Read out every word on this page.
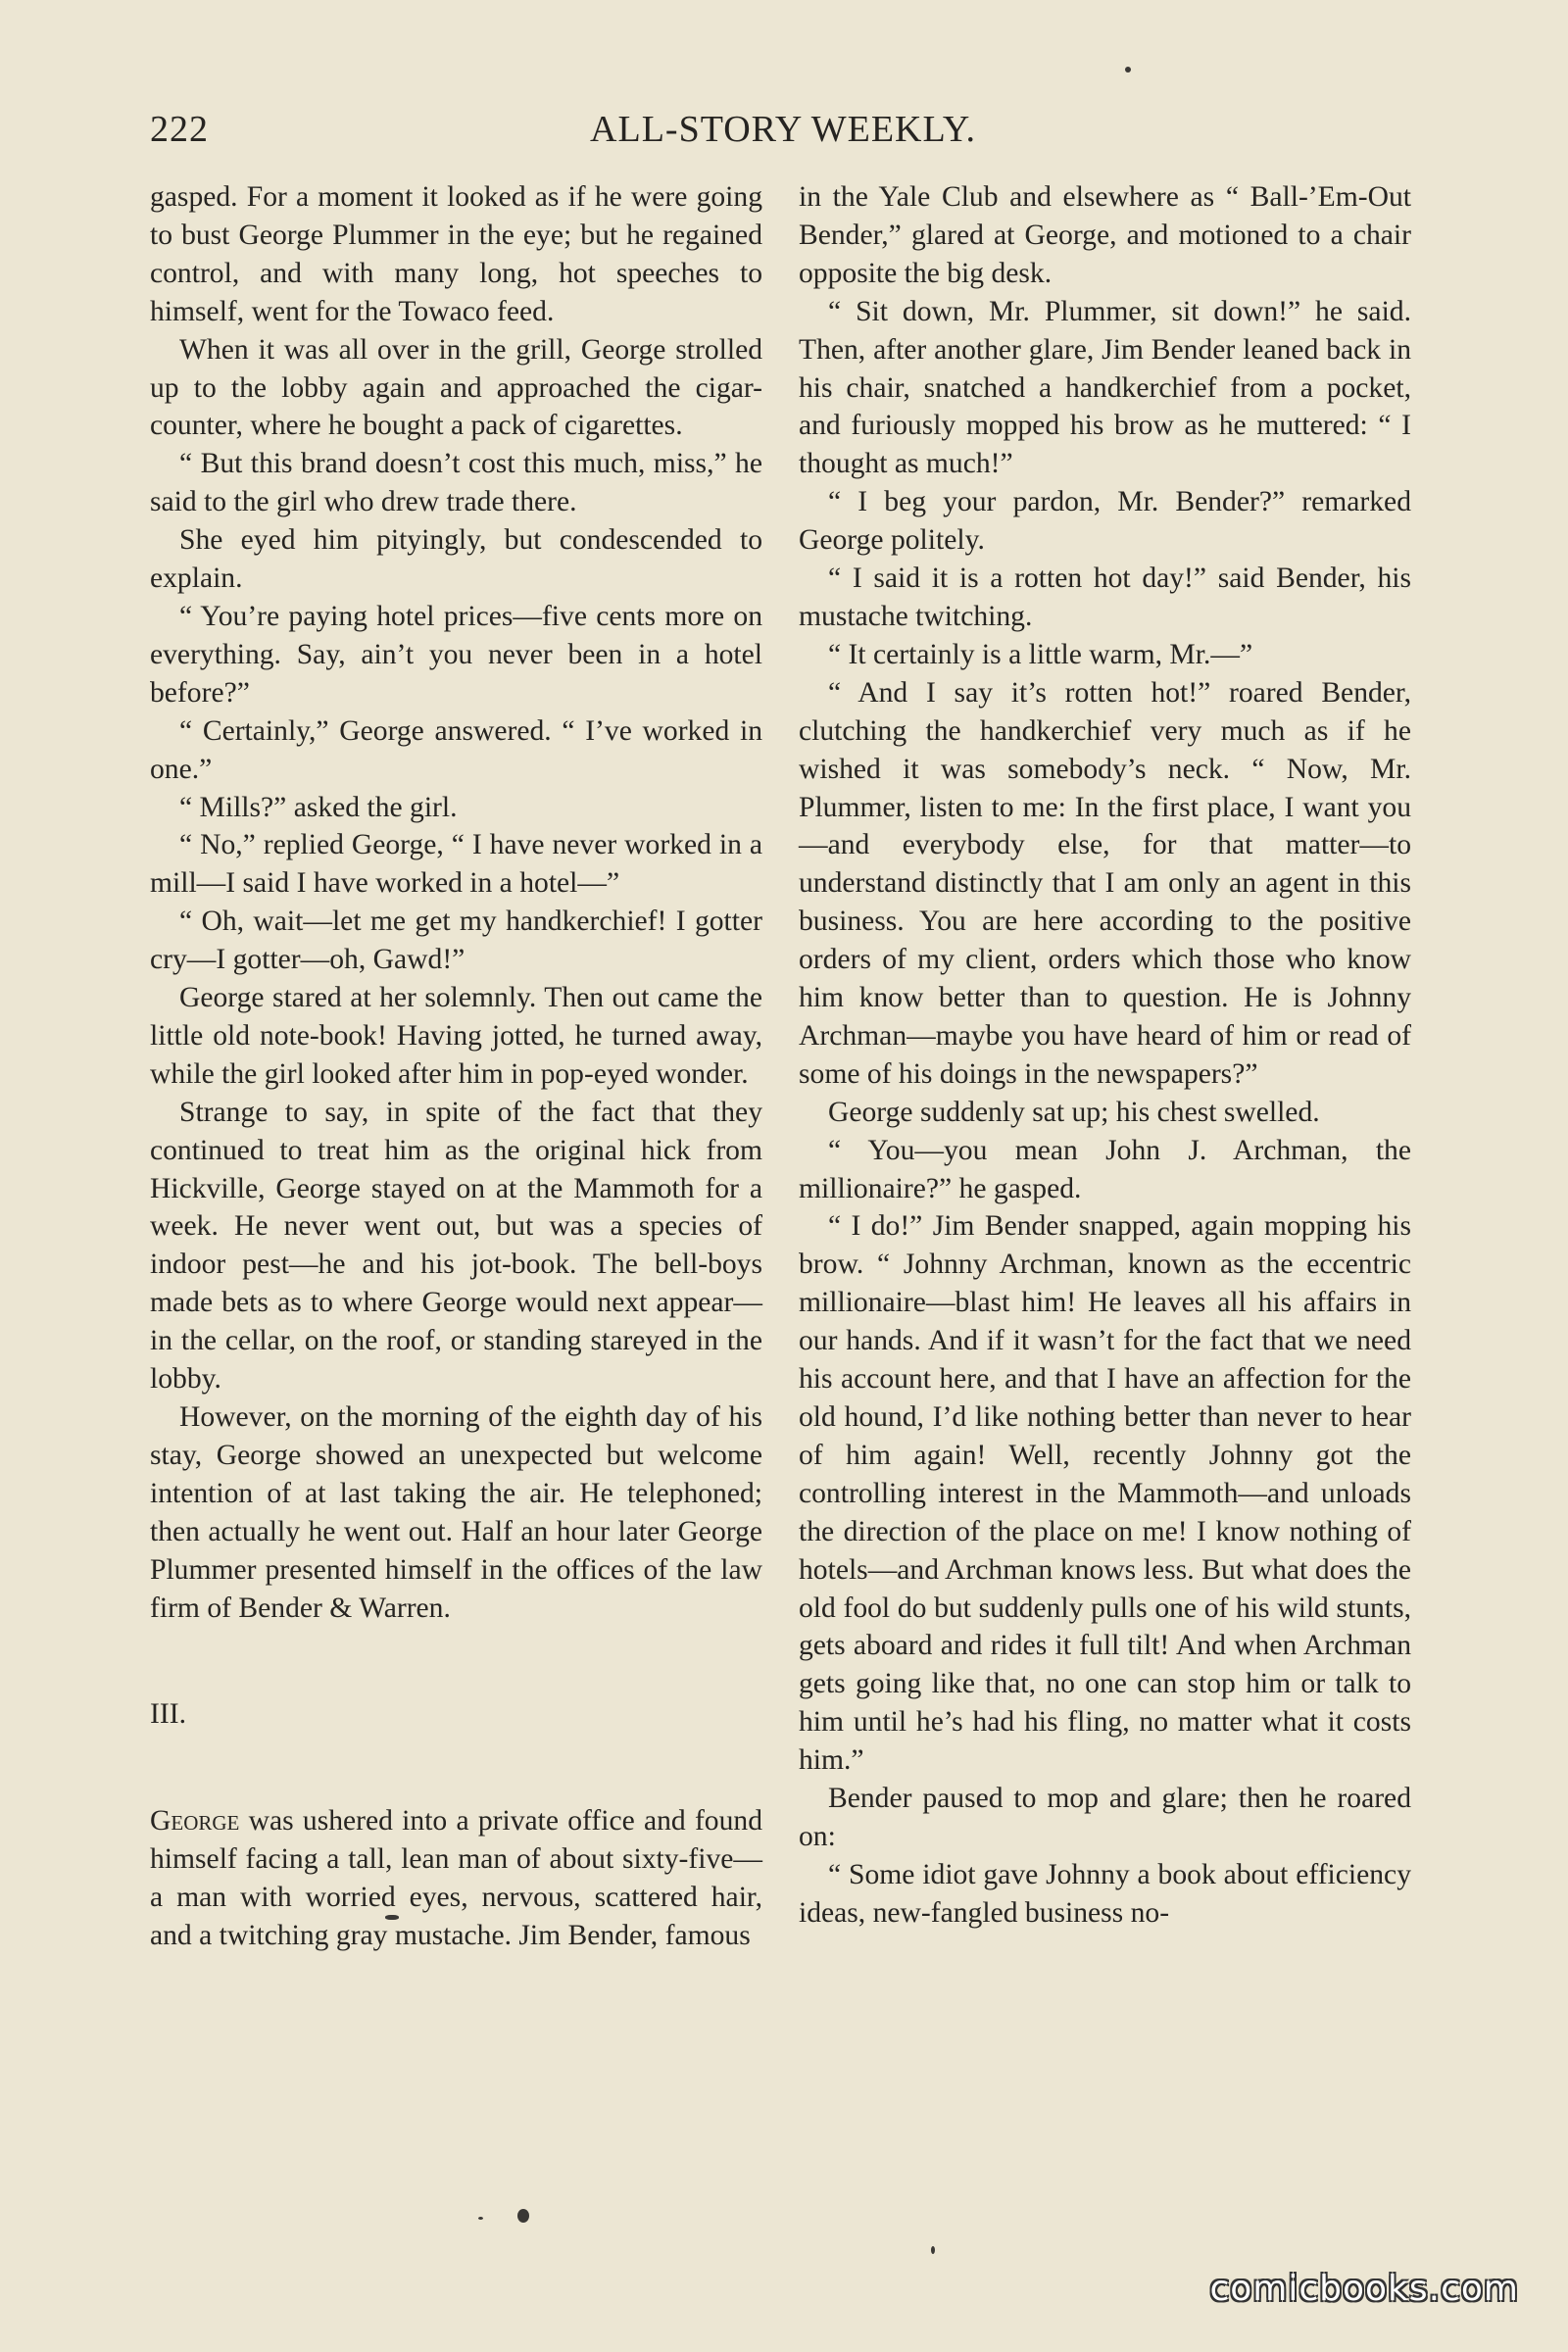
222	ALL-STORY WEEKLY.

gasped. For a moment it looked as if he were going to bust George Plummer in the eye; but he regained control, and with many long, hot speeches to himself, went for the Towaco feed.

When it was all over in the grill, George strolled up to the lobby again and approached the cigar-counter, where he bought a pack of cigarettes.

“ But this brand doesn’t cost this much, miss,” he said to the girl who drew trade there.

She eyed him pityingly, but condescended to explain.

“ You’re paying hotel prices—five cents more on everything. Say, ain’t you never been in a hotel before?”

“ Certainly,” George answered. “ I’ve worked in one.”

“ Mills?” asked the girl.

“ No,” replied George, “ I have never worked in a mill—I said I have worked in a hotel—”

“ Oh, wait—let me get my handkerchief! I gotter cry—I gotter—oh, Gawd!”

George stared at her solemnly. Then out came the little old note-book! Having jotted, he turned away, while the girl looked after him in pop-eyed wonder.

Strange to say, in spite of the fact that they continued to treat him as the original hick from Hickville, George stayed on at the Mammoth for a week. He never went out, but was a species of indoor pest—he and his jot-book. The bell-boys made bets as to where George would next appear—in the cellar, on the roof, or standing stareyed in the lobby.

However, on the morning of the eighth day of his stay, George showed an unexpected but welcome intention of at last taking the air. He telephoned; then actually he went out. Half an hour later George Plummer presented himself in the offices of the law firm of Bender & Warren.

III.

George was ushered into a private office and found himself facing a tall, lean man of about sixty-five—a man with worried eyes, nervous, scattered hair, and a twitching gray mustache. Jim Bender, famous

in the Yale Club and elsewhere as “ Ball-’Em-Out Bender,” glared at George, and motioned to a chair opposite the big desk.

“ Sit down, Mr. Plummer, sit down!” he said. Then, after another glare, Jim Bender leaned back in his chair, snatched a handkerchief from a pocket, and furiously mopped his brow as he muttered: “ I thought as much!”

“ I beg your pardon, Mr. Bender?” remarked George politely.

“ I said it is a rotten hot day!” said Bender, his mustache twitching.

“ It certainly is a little warm, Mr.—”

“ And I say it’s rotten hot!” roared Bender, clutching the handkerchief very much as if he wished it was somebody’s neck. “ Now, Mr. Plummer, listen to me: In the first place, I want you—and everybody else, for that matter—to understand distinctly that I am only an agent in this business. You are here according to the positive orders of my client, orders which those who know him know better than to question. He is Johnny Archman—maybe you have heard of him or read of some of his doings in the newspapers?”

George suddenly sat up; his chest swelled.

“ You—you mean John J. Archman, the millionaire?” he gasped.

“ I do!” Jim Bender snapped, again mopping his brow. “ Johnny Archman, known as the eccentric millionaire—blast him! He leaves all his affairs in our hands. And if it wasn’t for the fact that we need his account here, and that I have an affection for the old hound, I’d like nothing better than never to hear of him again! Well, recently Johnny got the controlling interest in the Mammoth—and unloads the direction of the place on me! I know nothing of hotels—and Archman knows less. But what does the old fool do but suddenly pulls one of his wild stunts, gets aboard and rides it full tilt! And when Archman gets going like that, no one can stop him or talk to him until he’s had his fling, no matter what it costs him.”

Bender paused to mop and glare; then he roared on:

“ Some idiot gave Johnny a book about efficiency ideas, new-fangled business no-

comicbooks.com
